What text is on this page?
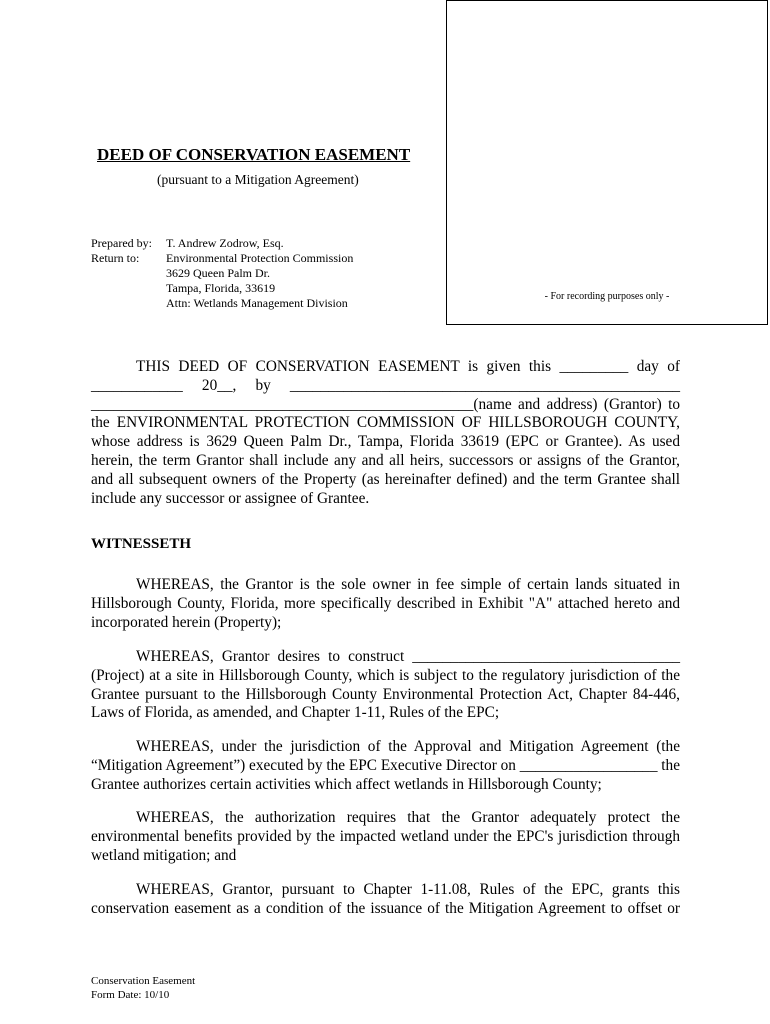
- For recording purposes only -
DEED OF CONSERVATION EASEMENT
(pursuant to a Mitigation Agreement)
Prepared by: T. Andrew Zodrow, Esq.
Return to: Environmental Protection Commission
3629 Queen Palm Dr.
Tampa, Florida, 33619
Attn: Wetlands Management Division

THIS DEED OF CONSERVATION EASEMENT is given this _________ day of

____________ 20__, by ___________________________________________________

__________________________________________________(name and address) (Grantor) to

the ENVIRONMENTAL PROTECTION COMMISSION OF HILLSBOROUGH COUNTY, whose address is 3629 Queen Palm Dr., Tampa, Florida 33619 (EPC or Grantee). As used herein, the term Grantor shall include any and all heirs, successors or assigns of the Grantor, and all subsequent owners of the Property (as hereinafter defined) and the term Grantee shall include any successor or assignee of Grantee.

WITNESSETH

WHEREAS, the Grantor is the sole owner in fee simple of certain lands situated in Hillsborough County, Florida, more specifically described in Exhibit "A" attached hereto and incorporated herein (Property);

WHEREAS, Grantor desires to construct ___________________________________ (Project) at a site in Hillsborough County, which is subject to the regulatory jurisdiction of the Grantee pursuant to the Hillsborough County Environmental Protection Act, Chapter 84-446, Laws of Florida, as amended, and Chapter 1-11, Rules of the EPC;

WHEREAS, under the jurisdiction of the Approval and Mitigation Agreement (the “Mitigation Agreement”) executed by the EPC Executive Director on __________________ the Grantee authorizes certain activities which affect wetlands in Hillsborough County;

WHEREAS, the authorization requires that the Grantor adequately protect the environmental benefits provided by the impacted wetland under the EPC's jurisdiction through wetland mitigation; and

WHEREAS, Grantor, pursuant to Chapter 1-11.08, Rules of the EPC, grants this conservation easement as a condition of the issuance of the Mitigation Agreement to offset or

Conservation Easement
Form Date: 10/10
